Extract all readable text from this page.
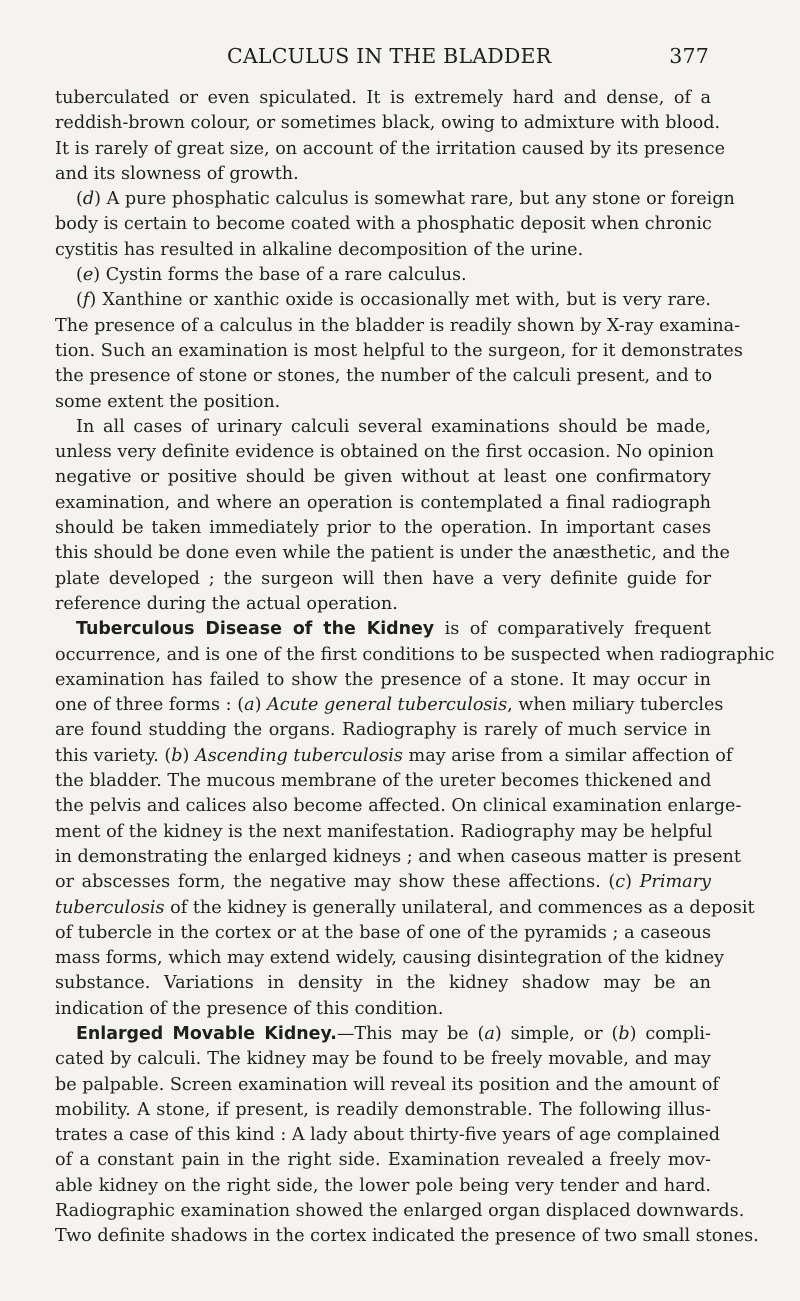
CALCULUS IN THE BLADDER	377
tuberculated or even spiculated. It is extremely hard and dense, of a
reddish-brown colour, or sometimes black, owing to admixture with blood.
It is rarely of great size, on account of the irritation caused by its presence
and its slowness of growth.
(d) A pure phosphatic calculus is somewhat rare, but any stone or foreign
body is certain to become coated with a phosphatic deposit when chronic
cystitis has resulted in alkaline decomposition of the urine.
(e) Cystin forms the base of a rare calculus.
(f) Xanthine or xanthic oxide is occasionally met with, but is very rare.
The presence of a calculus in the bladder is readily shown by X-ray examina-
tion. Such an examination is most helpful to the surgeon, for it demonstrates
the presence of stone or stones, the number of the calculi present, and to
some extent the position.
In all cases of urinary calculi several examinations should be made,
unless very definite evidence is obtained on the first occasion. No opinion
negative or positive should be given without at least one confirmatory
examination, and where an operation is contemplated a final radiograph
should be taken immediately prior to the operation. In important cases
this should be done even while the patient is under the anæsthetic, and the
plate developed ; the surgeon will then have a very definite guide for
reference during the actual operation.
Tuberculous Disease of the Kidney is of comparatively frequent
occurrence, and is one of the first conditions to be suspected when radiographic
examination has failed to show the presence of a stone. It may occur in
one of three forms : (a) Acute general tuberculosis, when miliary tubercles
are found studding the organs. Radiography is rarely of much service in
this variety. (b) Ascending tuberculosis may arise from a similar affection of
the bladder. The mucous membrane of the ureter becomes thickened and
the pelvis and calices also become affected. On clinical examination enlarge-
ment of the kidney is the next manifestation. Radiography may be helpful
in demonstrating the enlarged kidneys ; and when caseous matter is present
or abscesses form, the negative may show these affections. (c) Primary
tuberculosis of the kidney is generally unilateral, and commences as a deposit
of tubercle in the cortex or at the base of one of the pyramids ; a caseous
mass forms, which may extend widely, causing disintegration of the kidney
substance. Variations in density in the kidney shadow may be an
indication of the presence of this condition.
Enlarged Movable Kidney.—This may be (a) simple, or (b) compli-
cated by calculi. The kidney may be found to be freely movable, and may
be palpable. Screen examination will reveal its position and the amount of
mobility. A stone, if present, is readily demonstrable. The following illus-
trates a case of this kind : A lady about thirty-five years of age complained
of a constant pain in the right side. Examination revealed a freely mov-
able kidney on the right side, the lower pole being very tender and hard.
Radiographic examination showed the enlarged organ displaced downwards.
Two definite shadows in the cortex indicated the presence of two small stones.
